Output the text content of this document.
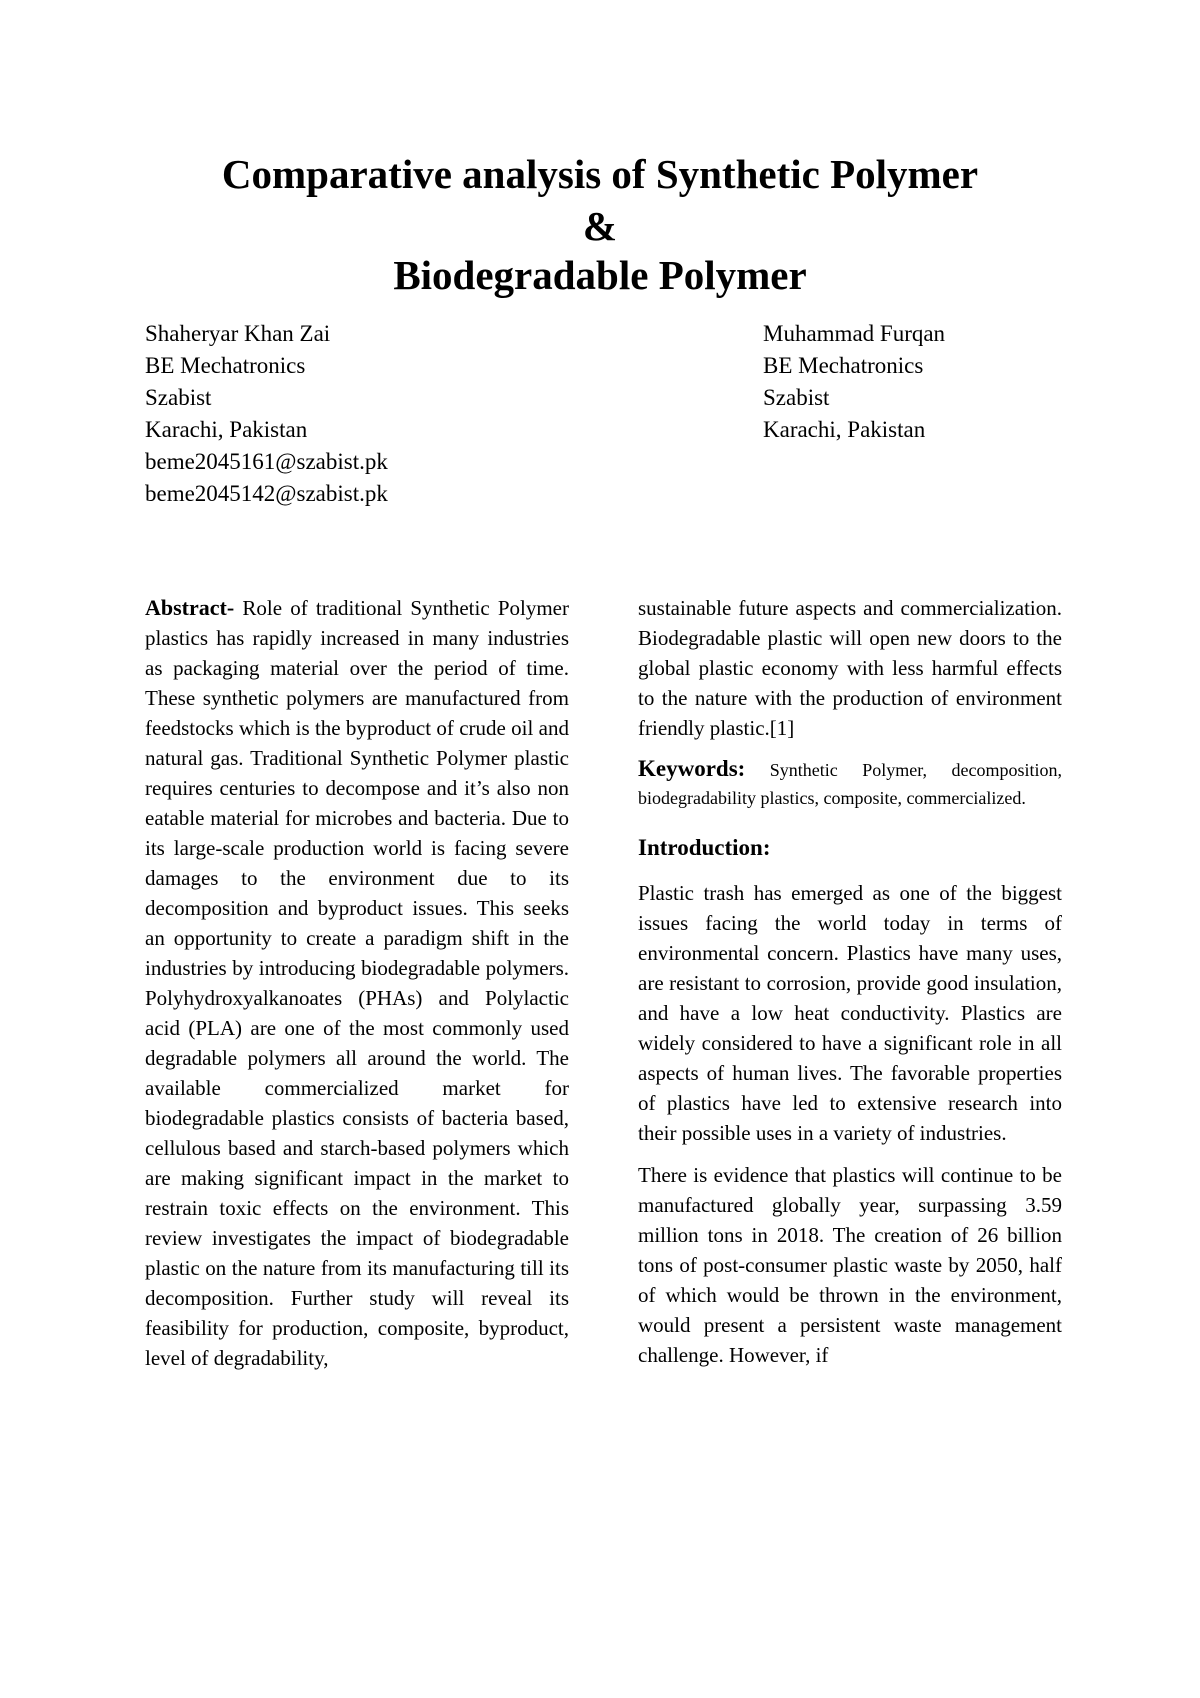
Comparative analysis of Synthetic Polymer
&
Biodegradable Polymer
Shaheryar Khan Zai
BE Mechatronics
Szabist
Karachi, Pakistan
beme2045161@szabist.pk
beme2045142@szabist.pk
Muhammad Furqan
BE Mechatronics
Szabist
Karachi, Pakistan

Abstract- Role of traditional Synthetic Polymer plastics has rapidly increased in many industries as packaging material over the period of time. These synthetic polymers are manufactured from feedstocks which is the byproduct of crude oil and natural gas. Traditional Synthetic Polymer plastic requires centuries to decompose and it’s also non eatable material for microbes and bacteria. Due to its large-scale production world is facing severe damages to the environment due to its decomposition and byproduct issues. This seeks an opportunity to create a paradigm shift in the industries by introducing biodegradable polymers. Polyhydroxyalkanoates (PHAs) and Polylactic acid (PLA) are one of the most commonly used degradable polymers all around the world. The available commercialized market for biodegradable plastics consists of bacteria based, cellulous based and starch-based polymers which are making significant impact in the market to restrain toxic effects on the environment. This review investigates the impact of biodegradable plastic on the nature from its manufacturing till its decomposition. Further study will reveal its feasibility for production, composite, byproduct, level of degradability,

sustainable future aspects and commercialization. Biodegradable plastic will open new doors to the global plastic economy with less harmful effects to the nature with the production of environment friendly plastic.[1]

Keywords: Synthetic Polymer, decomposition, biodegradability plastics, composite, commercialized.

Introduction:

Plastic trash has emerged as one of the biggest issues facing the world today in terms of environmental concern. Plastics have many uses, are resistant to corrosion, provide good insulation, and have a low heat conductivity. Plastics are widely considered to have a significant role in all aspects of human lives. The favorable properties of plastics have led to extensive research into their possible uses in a variety of industries.

There is evidence that plastics will continue to be manufactured globally year, surpassing 3.59 million tons in 2018. The creation of 26 billion tons of post-consumer plastic waste by 2050, half of which would be thrown in the environment, would present a persistent waste management challenge. However, if
